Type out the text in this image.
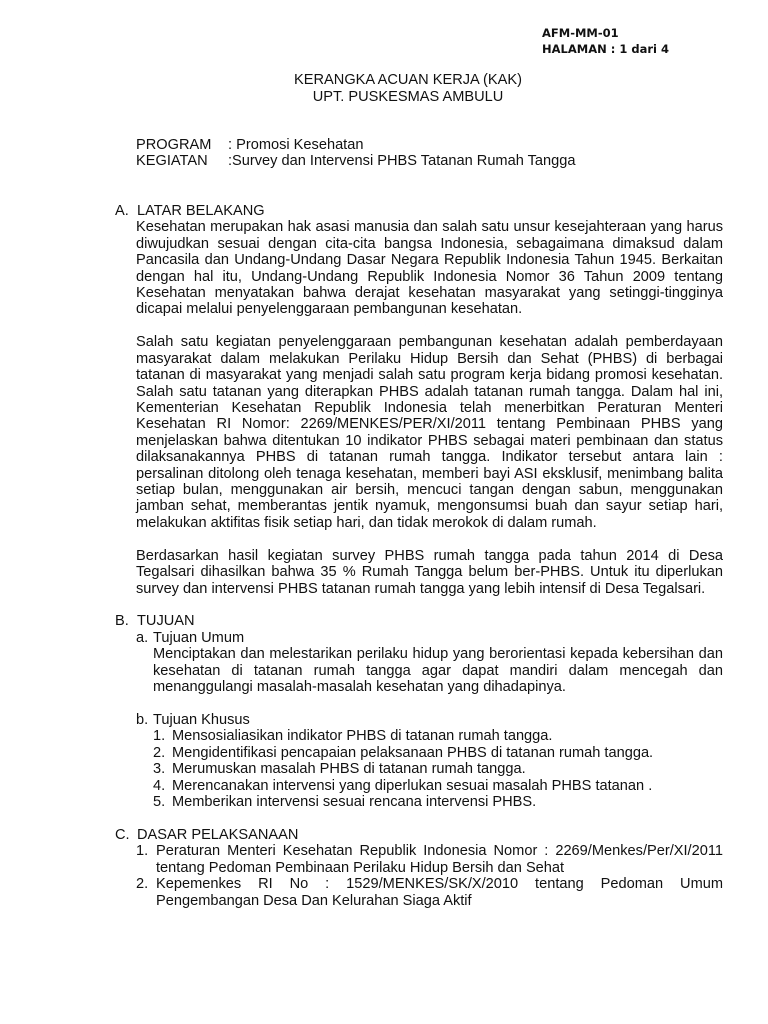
AFM-MM-01
HALAMAN : 1 dari 4
KERANGKA ACUAN KERJA (KAK)
UPT. PUSKESMAS AMBULU
PROGRAM	: Promosi Kesehatan
KEGIATAN	:Survey dan Intervensi PHBS Tatanan Rumah Tangga
A. LATAR BELAKANG
Kesehatan merupakan hak asasi manusia dan salah satu unsur kesejahteraan yang harus diwujudkan sesuai dengan cita-cita bangsa Indonesia, sebagaimana dimaksud dalam Pancasila dan Undang-Undang Dasar Negara Republik Indonesia Tahun 1945. Berkaitan dengan hal itu, Undang-Undang Republik Indonesia Nomor 36 Tahun 2009 tentang Kesehatan menyatakan bahwa derajat kesehatan masyarakat yang setinggi-tingginya dicapai melalui penyelenggaraan pembangunan kesehatan.
Salah satu kegiatan penyelenggaraan pembangunan kesehatan adalah pemberdayaan masyarakat dalam melakukan Perilaku Hidup Bersih dan Sehat (PHBS) di berbagai tatanan di masyarakat yang menjadi salah satu program kerja bidang promosi kesehatan. Salah satu tatanan yang diterapkan PHBS adalah tatanan rumah tangga. Dalam hal ini, Kementerian Kesehatan Republik Indonesia telah menerbitkan Peraturan Menteri Kesehatan RI Nomor: 2269/MENKES/PER/XI/2011 tentang Pembinaan PHBS yang menjelaskan bahwa ditentukan 10 indikator PHBS sebagai materi pembinaan dan status dilaksanakannya PHBS di tatanan rumah tangga. Indikator tersebut antara lain : persalinan ditolong oleh tenaga kesehatan, memberi bayi ASI eksklusif, menimbang balita setiap bulan, menggunakan air bersih, mencuci tangan dengan sabun, menggunakan jamban sehat, memberantas jentik nyamuk, mengonsumsi buah dan sayur setiap hari, melakukan aktifitas fisik setiap hari, dan tidak merokok di dalam rumah.
Berdasarkan hasil kegiatan survey PHBS rumah tangga pada tahun 2014 di Desa Tegalsari dihasilkan bahwa 35 % Rumah Tangga belum ber-PHBS. Untuk itu diperlukan survey dan intervensi PHBS tatanan rumah tangga yang lebih intensif di Desa Tegalsari.
B. TUJUAN
a. Tujuan Umum
Menciptakan dan melestarikan perilaku hidup yang berorientasi kepada kebersihan dan kesehatan di tatanan rumah tangga agar dapat mandiri dalam mencegah dan menanggulangi masalah-masalah kesehatan yang dihadapinya.
b. Tujuan Khusus
1. Mensosialiasikan indikator PHBS di tatanan rumah tangga.
2. Mengidentifikasi pencapaian pelaksanaan PHBS di tatanan rumah tangga.
3. Merumuskan masalah PHBS di tatanan rumah tangga.
4. Merencanakan intervensi yang diperlukan sesuai masalah PHBS tatanan .
5. Memberikan intervensi sesuai rencana intervensi PHBS.
C. DASAR PELAKSANAAN
1. Peraturan Menteri Kesehatan Republik Indonesia Nomor : 2269/Menkes/Per/XI/2011 tentang Pedoman Pembinaan Perilaku Hidup Bersih dan Sehat
2. Kepemenkes RI No : 1529/MENKES/SK/X/2010 tentang Pedoman Umum Pengembangan Desa Dan Kelurahan Siaga Aktif
